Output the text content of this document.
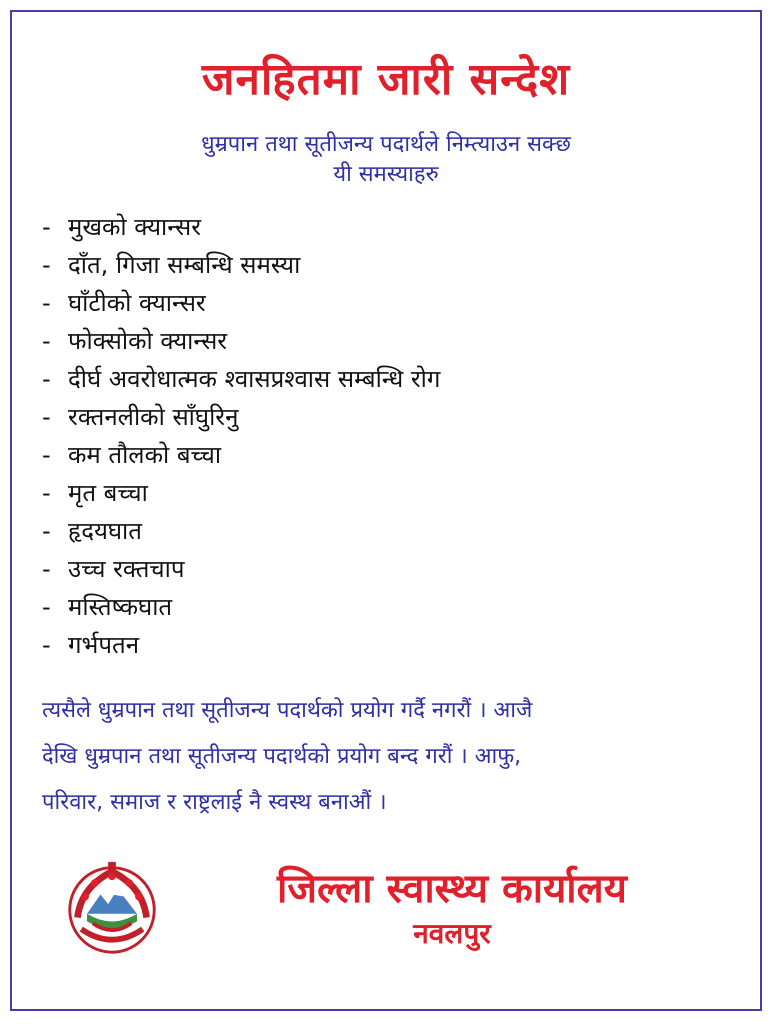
जनहितमा जारी सन्देश
धुम्रपान तथा सूतीजन्य पदार्थले निम्त्याउन सक्छ
यी समस्याहरु
- मुखको क्यान्सर
- दाँत, गिजा सम्बन्धि समस्या
- घाँटीको क्यान्सर
- फोक्सोको क्यान्सर
- दीर्घ अवरोधात्मक श्वासप्रश्वास सम्बन्धि रोग
- रक्तनलीको साँघुरिनु
- कम तौलको बच्चा
- मृत बच्चा
- हृदयघात
- उच्च रक्तचाप
- मस्तिष्कघात
- गर्भपतन
त्यसैले धुम्रपान तथा सूतीजन्य पदार्थको प्रयोग गर्दै नगरौं । आजै
देखि धुम्रपान तथा सूतीजन्य पदार्थको प्रयोग बन्द गरौं । आफु,
परिवार, समाज र राष्ट्रलाई नै स्वस्थ बनाऔं ।
जिल्ला स्वास्थ्य कार्यालय
नवलपुर
